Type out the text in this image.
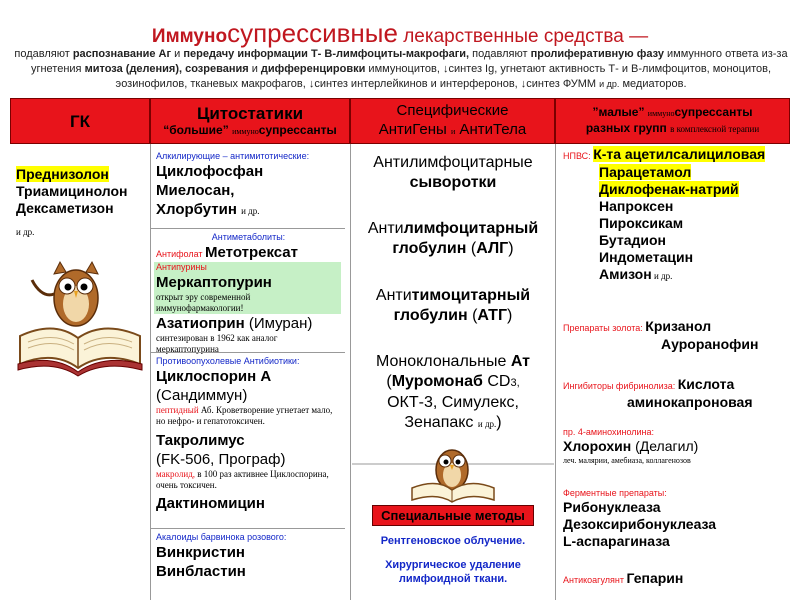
Иммуносупрессивные лекарственные средства —
подавляют распознавание Аг и передачу информации Т- В-лимфоциты-макрофаги, подавляют пролиферативную фазу иммунного ответа из-за
угнетения митоза (деления), созревания и дифференцировки иммуноцитов, ↓синтез Ig, угнетают активность Т- и В-лимфоцитов, моноцитов,
эозинофилов, тканевых макрофагов, ↓синтез интерлейкинов и интерферонов, ↓синтез ФУММ и др. медиаторов.
ГК	Цитостатики
“большие” иммуносупрессанты
Специфические
АнтиГены и АнтиТела
”малые” иммуносупрессанты
разных групп в комплексной терапии
Преднизолон
Триамицинолон
Дексаметизон
и др.
Алкилирующие – антимитотические:
Циклофосфан
Миелосан,
Хлорбутин и др.
Антиметаболиты:
Антифолат Метотрексат
Антипурины
Меркаптопурин
открыт эру современной иммунофармакологии!
Азатиоприн (Имуран)
синтезирован в 1962 как аналог меркаптопурина
Противоопухолевые Антибиотики:
Циклоспорин А
(Сандиммун)
пептидный Аб. Кроветворение угнетает мало, но нефро- и гепатотоксичен.
Такролимус
(FK-506, Програф)
макролид, в 100 раз активнее Циклоспорина, очень токсичен.
Дактиномицин
Акалоиды барвинока розового:
Винкристин
Винбластин
Антилимфоцитарные
сыворотки
Антилимфоцитарный
глобулин (АЛГ)
Антитимоцитарный
глобулин (АТГ)
Моноклональные Ат
(Муромонаб CD3,
ОКТ-3, Симулекс,
Зенапакс и др.)
Специальные методы
Рентгеновское облучение.
Хирургическое удаление
лимфоидной ткани.
НПВС: К-та ацетилсалициловая
Парацетамол
Диклофенак-натрий
Напроксен
Пироксикам
Бутадион
Индометацин
Амизон и др.
Препараты золота: Кризанол
Ауроранофин
Ингибиторы фибринолиза: Кислота
аминокапроновая
пр. 4-аминохинолина:
Хлорохин (Делагил)
леч. малярии, амебиаза, коллагенозов
Ферментные препараты:
Рибонуклеаза
Дезоксирибонуклеаза
L-аспарагиназа
Антикоагулянт Гепарин
